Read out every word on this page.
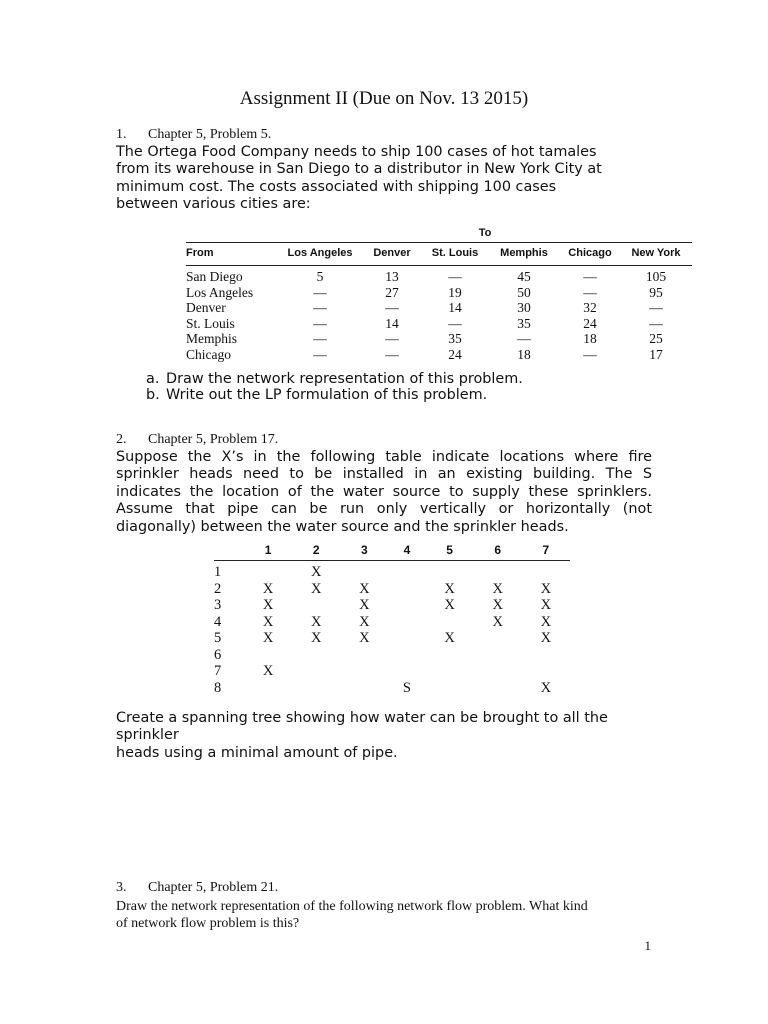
Assignment II (Due on Nov. 13 2015)
1. Chapter 5, Problem 5.
The Ortega Food Company needs to ship 100 cases of hot tamales
from its warehouse in San Diego to a distributor in New York City at
minimum cost. The costs associated with shipping 100 cases
between various cities are:
	To					
From	Los Angeles	Denver	St. Louis	Memphis	Chicago	New York
San Diego	5	13	—	45	—	105
Los Angeles	—	27	19	50	—	95
Denver	—	—	14	30	32	—
St. Louis	—	14	—	35	24	—
Memphis	—	—	35	—	18	25
Chicago	—	—	24	18	—	17
a. Draw the network representation of this problem.
b. Write out the LP formulation of this problem.
2. Chapter 5, Problem 17.
Suppose the X’s in the following table indicate locations where fire
sprinkler heads need to be installed in an existing building. The S
indicates the location of the water source to supply these sprinklers.
Assume that pipe can be run only vertically or horizontally (not
diagonally) between the water source and the sprinkler heads.
	1	2	3	4	5	6	7
1		X					
2	X	X	X		X	X	X
3	X		X		X	X	X
4	X	X	X			X	X
5	X	X	X		X		X
6							
7	X						
8				S			X
Create a spanning tree showing how water can be brought to all the
sprinkler
heads using a minimal amount of pipe.
3. Chapter 5, Problem 21.
Draw the network representation of the following network flow problem. What kind
of network flow problem is this?
1
